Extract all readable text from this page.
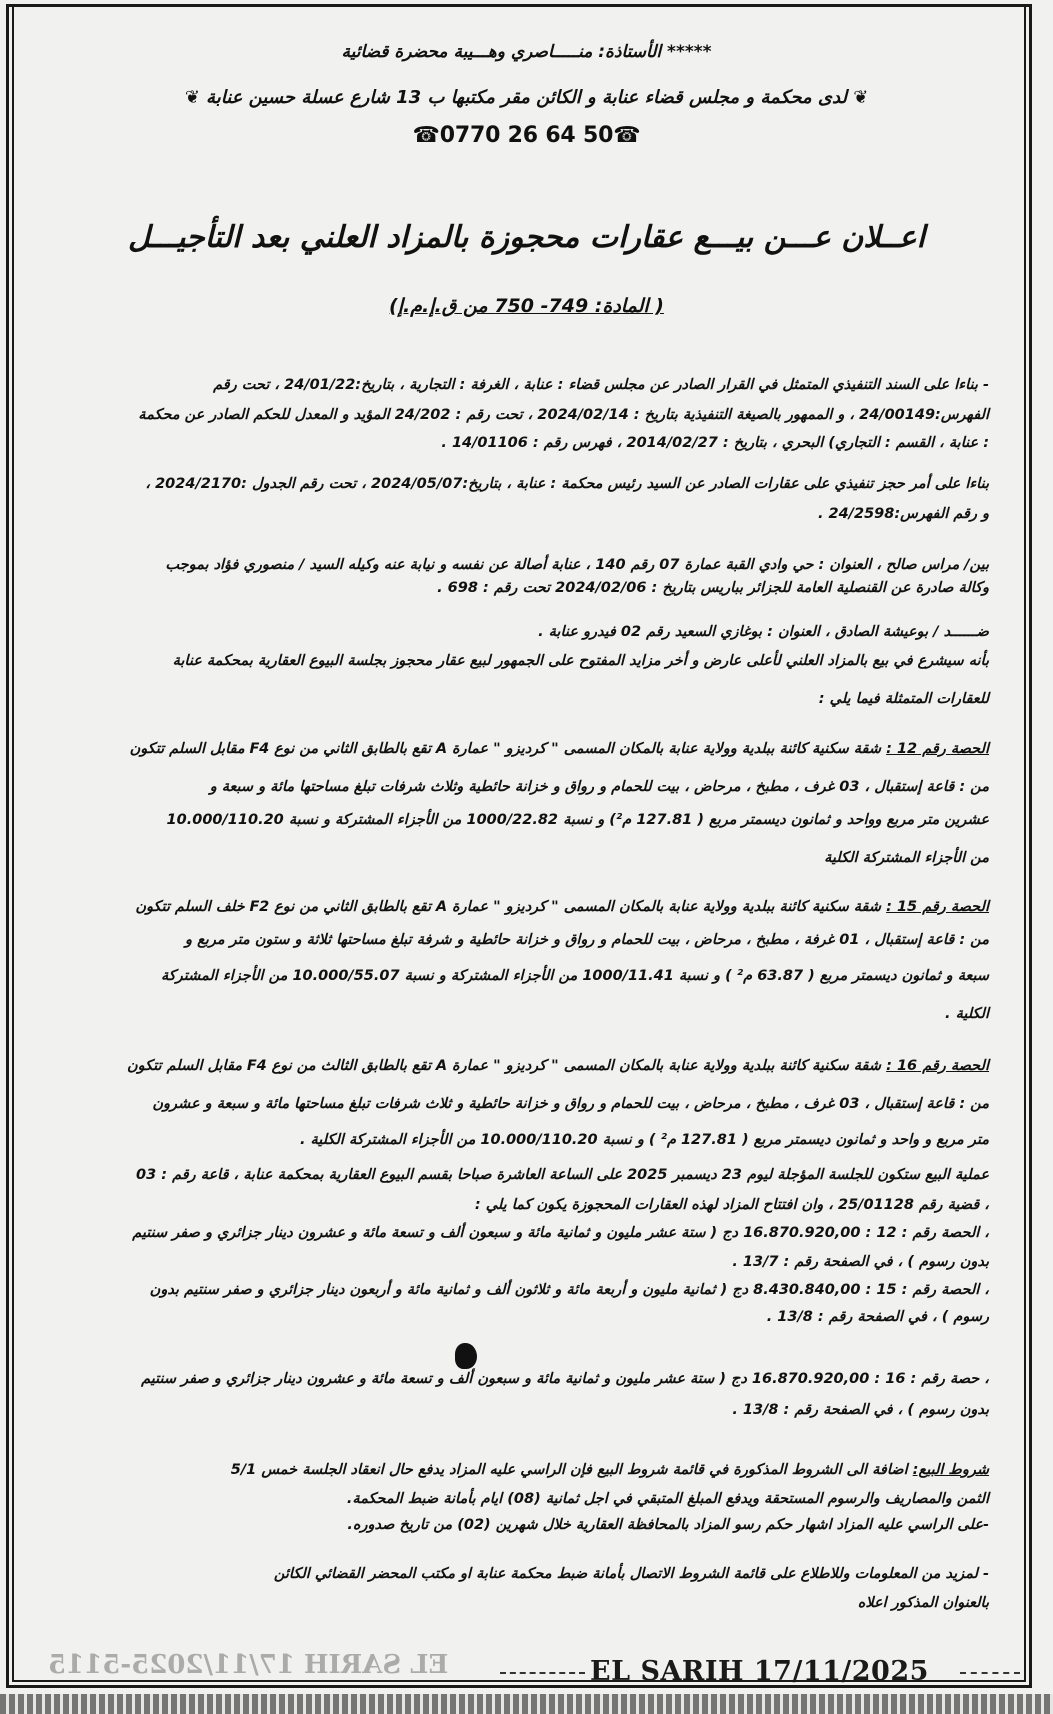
***** الأستاذة: منـــــاصري وهـــيبة محضرة قضائية
❦ لدى محكمة و مجلس قضاء عنابة و الكائن مقر مكتبها ب 13 شارع عسلة حسين عنابة ❦
☎0770 26 64 50☎
اعــلان عـــن بيـــع عقارات محجوزة بالمزاد العلني بعد التأجيـــل
( المادة: 749- 750 من ق.إ.م.إ)
- بناءا على السند التنفيذي المتمثل في القرار الصادر عن مجلس قضاء : عنابة ، الغرفة : التجارية ، بتاريخ:24/01/22 ، تحت رقم
الفهرس:24/00149 ، و الممهور بالصيغة التنفيذية بتاريخ : 2024/02/14 ، تحت رقم : 24/202 المؤيد و المعدل للحكم الصادر عن محكمة
: عنابة ، القسم : التجاري) البحري ، بتاريخ : 2014/02/27 ، فهرس رقم : 14/01106 .
بناءا على أمر حجز تنفيذي على عقارات الصادر عن السيد رئيس محكمة : عنابة ، بتاريخ:2024/05/07 ، تحت رقم الجدول :2024/2170 ،
و رقم الفهرس:24/2598 .
بين/ مراس صالح ، العنوان : حي وادي القبة عمارة 07 رقم 140 ، عنابة أصالة عن نفسه و نيابة عنه وكيله السيد / منصوري فؤاد بموجب
وكالة صادرة عن القنصلية العامة للجزائر بباريس بتاريخ : 2024/02/06 تحت رقم : 698 .
ضــــــد / بوعيشة الصادق ، العنوان : بوغازي السعيد رقم 02 فيدرو عنابة .
بأنه سيشرع في بيع بالمزاد العلني لأعلى عارض و أخر مزايد المفتوح على الجمهور لبيع عقار محجوز بجلسة البيوع العقارية بمحكمة عنابة
للعقارات المتمثلة فيما يلي :
الحصة رقم 12 : شقة سكنية كائنة ببلدية وولاية عنابة بالمكان المسمى " كرديزو " عمارة A تقع بالطابق الثاني من نوع F4 مقابل السلم تتكون
من : قاعة إستقبال ، 03 غرف ، مطبخ ، مرحاض ، بيت للحمام و رواق و خزانة حائطية وثلاث شرفات تبلغ مساحتها مائة و سبعة و
عشرين متر مربع وواحد و ثمانون ديسمتر مربع ( 127.81 م²) و نسبة 1000/22.82 من الأجزاء المشتركة و نسبة 10.000/110.20
من الأجزاء المشتركة الكلية
الحصة رقم 15 : شقة سكنية كائنة ببلدية وولاية عنابة بالمكان المسمى " كرديزو " عمارة A تقع بالطابق الثاني من نوع F2 خلف السلم تتكون
من : قاعة إستقبال ، 01 غرفة ، مطبخ ، مرحاض ، بيت للحمام و رواق و خزانة حائطية و شرفة تبلغ مساحتها ثلاثة و ستون متر مربع و
سبعة و ثمانون ديسمتر مربع ( 63.87 م² ) و نسبة 1000/11.41 من الأجزاء المشتركة و نسبة 10.000/55.07 من الأجزاء المشتركة
الكلية .
الحصة رقم 16 : شقة سكنية كائنة ببلدية وولاية عنابة بالمكان المسمى " كرديزو " عمارة A تقع بالطابق الثالث من نوع F4 مقابل السلم تتكون
من : قاعة إستقبال ، 03 غرف ، مطبخ ، مرحاض ، بيت للحمام و رواق و خزانة حائطية و ثلاث شرفات تبلغ مساحتها مائة و سبعة و عشرون
متر مربع و واحد و ثمانون ديسمتر مربع ( 127.81 م² ) و نسبة 10.000/110.20 من الأجزاء المشتركة الكلية .
عملية البيع ستكون للجلسة المؤجلة ليوم 23 ديسمبر 2025 على الساعة العاشرة صباحا بقسم البيوع العقارية بمحكمة عنابة ، قاعة رقم : 03
، قضية رقم 25/01128 ، وان افتتاح المزاد لهذه العقارات المحجوزة يكون كما يلي :
، الحصة رقم : 12 : 16.870.920,00 دج ( ستة عشر مليون و ثمانية مائة و سبعون ألف و تسعة مائة و عشرون دينار جزائري و صفر سنتيم
بدون رسوم ) ، في الصفحة رقم : 13/7 .
، الحصة رقم : 15 : 8.430.840,00 دج ( ثمانية مليون و أربعة مائة و ثلاثون ألف و ثمانية مائة و أربعون دينار جزائري و صفر سنتيم بدون
رسوم ) ، في الصفحة رقم : 13/8 .
، حصة رقم : 16 : 16.870.920,00 دج ( ستة عشر مليون و ثمانية مائة و سبعون ألف و تسعة مائة و عشرون دينار جزائري و صفر سنتيم
بدون رسوم ) ، في الصفحة رقم : 13/8 .
شروط البيع: اضافة الى الشروط المذكورة في قائمة شروط البيع فإن الراسي عليه المزاد يدفع حال انعقاد الجلسة خمس 5/1
الثمن والمصاريف والرسوم المستحقة ويدفع المبلغ المتبقي في اجل ثمانية (08) ايام بأمانة ضبط المحكمة.
-على الراسي عليه المزاد اشهار حكم رسو المزاد بالمحافظة العقارية خلال شهرين (02) من تاريخ صدوره.
- لمزيد من المعلومات وللاطلاع على قائمة الشروط الاتصال بأمانة ضبط محكمة عنابة او مكتب المحضر القضائي الكائن
بالعنوان المذكور اعلاه
EL SARIH 17/11/2025-5115	EL SARIH 17/11/2025
